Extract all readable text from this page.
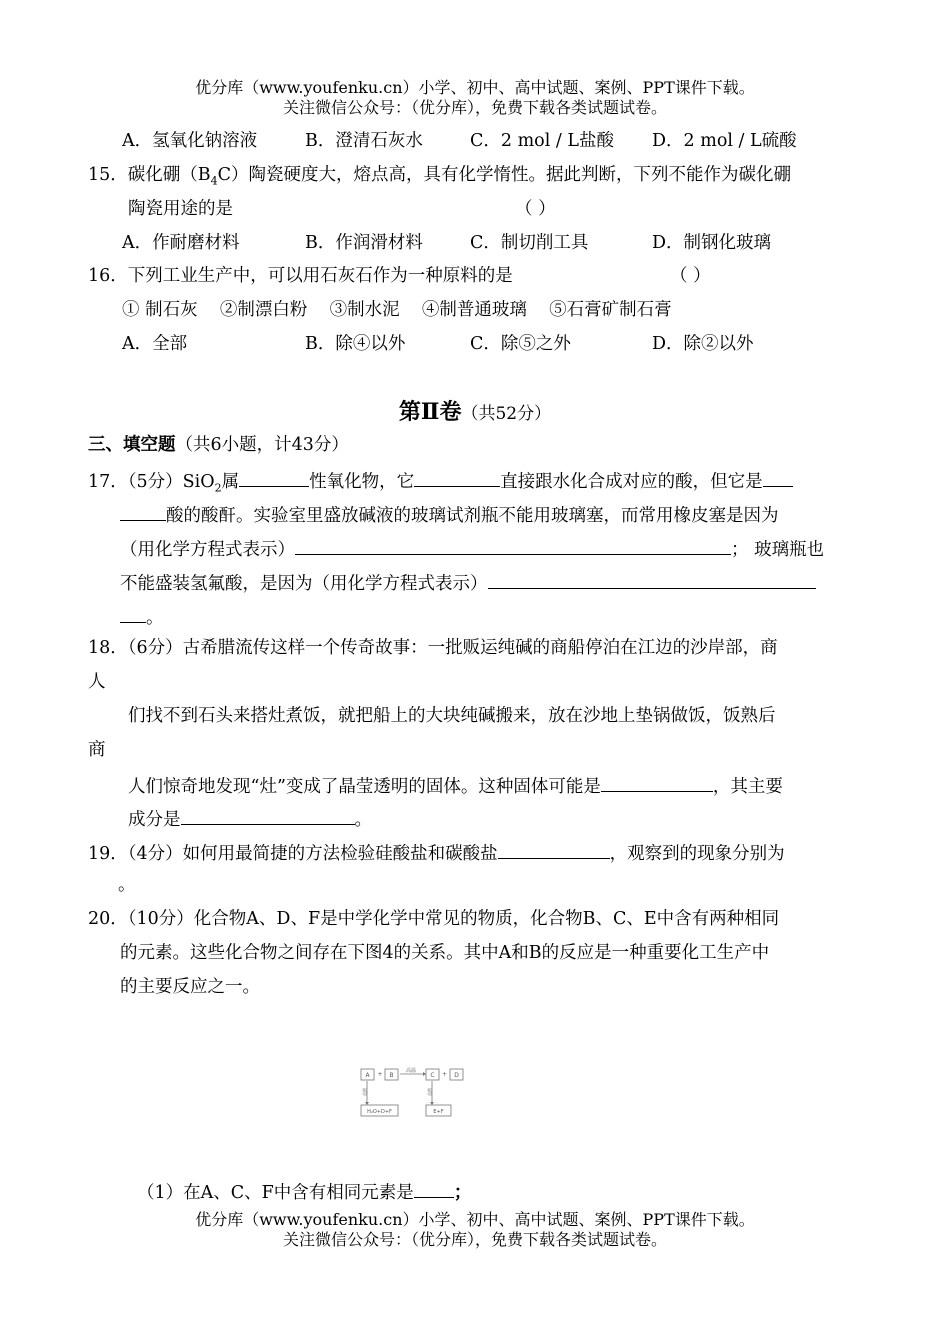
优分库（www.youfenku.cn）小学、初中、高中试题、案例、PPT课件下载。
关注微信公众号：（优分库），免费下载各类试题试卷。
A．氢氧化钠溶液	B．澄清石灰水	C．2 mol / L盐酸 D．2 mol / L硫酸
15．碳化硼$(B_4C)$陶瓷硬度大，熔点高，具有化学惰性。据此判断，下列不能作为碳化硼
陶瓷用途的是	（ ）
A．作耐磨材料	B．作润滑材料	C．制切削工具	D．制钢化玻璃
16．下列工业生产中，可以用石灰石作为一种原料的是	（ ）
① 制石灰    ②制漂白粉    ③制水泥    ④制普通玻璃    ⑤石膏矿制石膏
A．全部	B．除④以外	C．除⑤之外	D．除②以外
第Ⅱ卷（共52分）
三、填空题（共6小题，计43分）
17．（5分）SiO$_2$属	性氧化物，它	直接跟水化合成对应的酸，但它是
酸的酸酐。实验室里盛放碱液的玻璃试剂瓶不能用玻璃塞，而常用橡皮塞是因为
（用化学方程式表示）	； 玻璃瓶也
不能盛装氢氟酸，是因为（用化学方程式表示）
。
18．（6分）古希腊流传这样一个传奇故事：一批贩运纯碱的商船停泊在江边的沙岸部，商
人
们找不到石头来搭灶煮饭，就把船上的大块纯碱搬来，放在沙地上垫锅做饭，饭熟后
商
人们惊奇地发现“灶”变成了晶莹透明的固体。这种固体可能是	，其主要
成分是	。
19．（4分）如何用最简捷的方法检验硅酸盐和碳酸盐	，观察到的现象分别为
。
20．（10分）化合物A、D、F是中学化学中常见的物质，化合物B、C、E中含有两种相同
的元素。这些化合物之间存在下图4的关系。其中A和B的反应是一种重要化工生产中
的主要反应之一。
A + B
高温
C + D
H₂O+D+F	E+F
盐酸	盐酸
（1）在A、C、F中含有相同元素是 ；
优分库（www.youfenku.cn）小学、初中、高中试题、案例、PPT课件下载。
关注微信公众号：（优分库），免费下载各类试题试卷。
